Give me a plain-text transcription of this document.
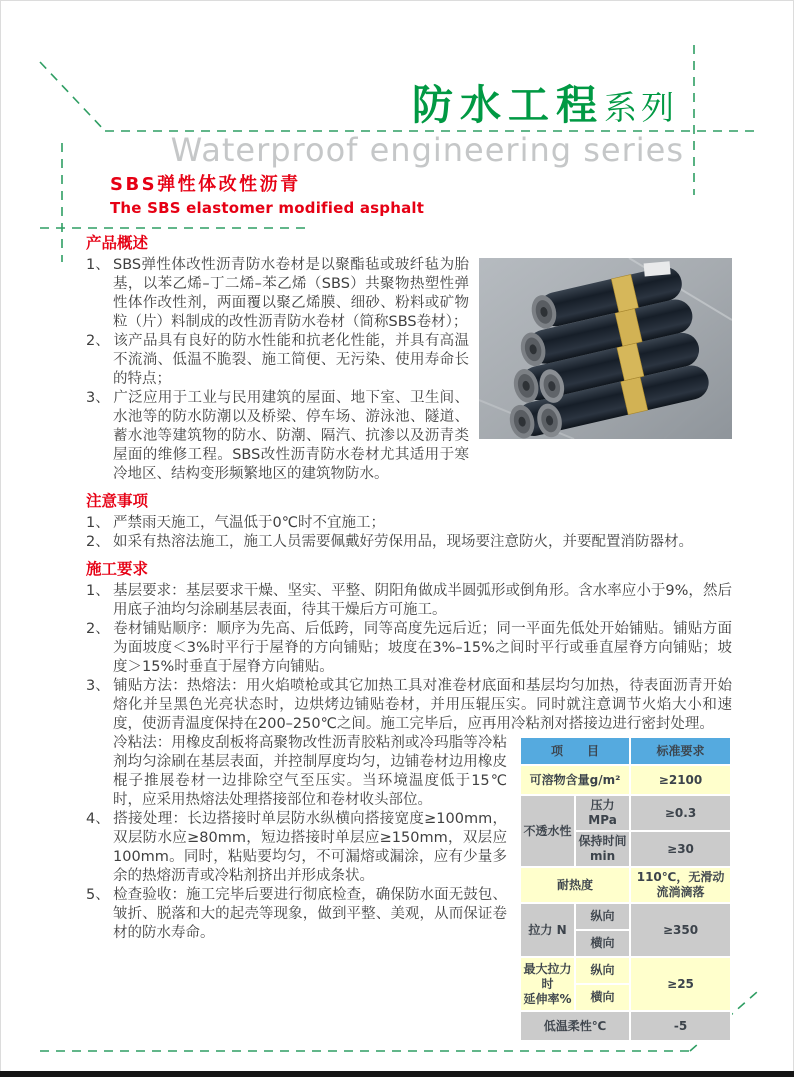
防水工程系列
Waterproof engineering series
SBS弹性体改性沥青
The SBS elastomer modified asphalt
产品概述

1、 SBS弹性体改性沥青防水卷材是以聚酯毡或玻纤毡为胎基，以苯乙烯–丁二烯–苯乙烯（SBS）共聚物热塑性弹性体作改性剂，两面覆以聚乙烯膜、细砂、粉料或矿物粒（片）料制成的改性沥青防水卷材（简称SBS卷材）；

2、 该产品具有良好的防水性能和抗老化性能，并具有高温不流淌、低温不脆裂、施工简便、无污染、使用寿命长的特点；

3、 广泛应用于工业与民用建筑的屋面、地下室、卫生间、水池等的防水防潮以及桥梁、停车场、游泳池、隧道、蓄水池等建筑物的防水、防潮、隔汽、抗渗以及沥青类屋面的维修工程。SBS改性沥青防水卷材尤其适用于寒冷地区、结构变形频繁地区的建筑物防水。

注意事项

1、 严禁雨天施工，气温低于0℃时不宜施工；

2、 如采有热溶法施工，施工人员需要佩戴好劳保用品，现场要注意防火，并要配置消防器材。

施工要求

1、 基层要求：基层要求干燥、坚实、平整、阴阳角做成半圆弧形或倒角形。含水率应小于9%，然后用底子油均匀涂刷基层表面，待其干燥后方可施工。

2、 卷材铺贴顺序：顺序为先高、后低跨，同等高度先远后近；同一平面先低处开始铺贴。铺贴方面为面坡度＜3%时平行于屋脊的方向铺贴；坡度在3%–15%之间时平行或垂直屋脊方向铺贴；坡度＞15%时垂直于屋脊方向铺贴。

3、 铺贴方法：热熔法：用火焰喷枪或其它加热工具对准卷材底面和基层均匀加热，待表面沥青开始熔化并呈黑色光亮状态时，边烘烤边铺贴卷材，并用压辊压实。同时就注意调节火焰大小和速度，使沥青温度保持在200–250℃之间。施工完毕后，应再用冷粘剂对搭接边进行密封处理。

项　　目		标准要求
可溶物含量g/m²		≥2100
不透水性	压力MPa	≥0.3
	保持时间min	≥30
耐热度		110℃，无滑动
流淌滴落

拉力 N	纵向	≥350
	横向	

最大拉力时
延伸率%	纵向	≥25
	横向	
低温柔性℃		-5

冷粘法：用橡皮刮板将高聚物改性沥青胶粘剂或冷玛脂等冷粘剂均匀涂刷在基层表面，并控制厚度均匀，边铺卷材边用橡皮棍子推展卷材一边排除空气至压实。当环境温度低于15℃时，应采用热熔法处理搭接部位和卷材收头部位。

4、 搭接处理：长边搭接时单层防水纵横向搭接宽度≥100mm，双层防水应≥80mm，短边搭接时单层应≥150mm，双层应100mm。同时，粘贴要均匀，不可漏熔或漏涂，应有少量多余的热熔沥青或冷粘剂挤出并形成条状。

5、 检查验收：施工完毕后要进行彻底检查，确保防水面无鼓包、皱折、脱落和大的起壳等现象，做到平整、美观，从而保证卷材的防水寿命。
